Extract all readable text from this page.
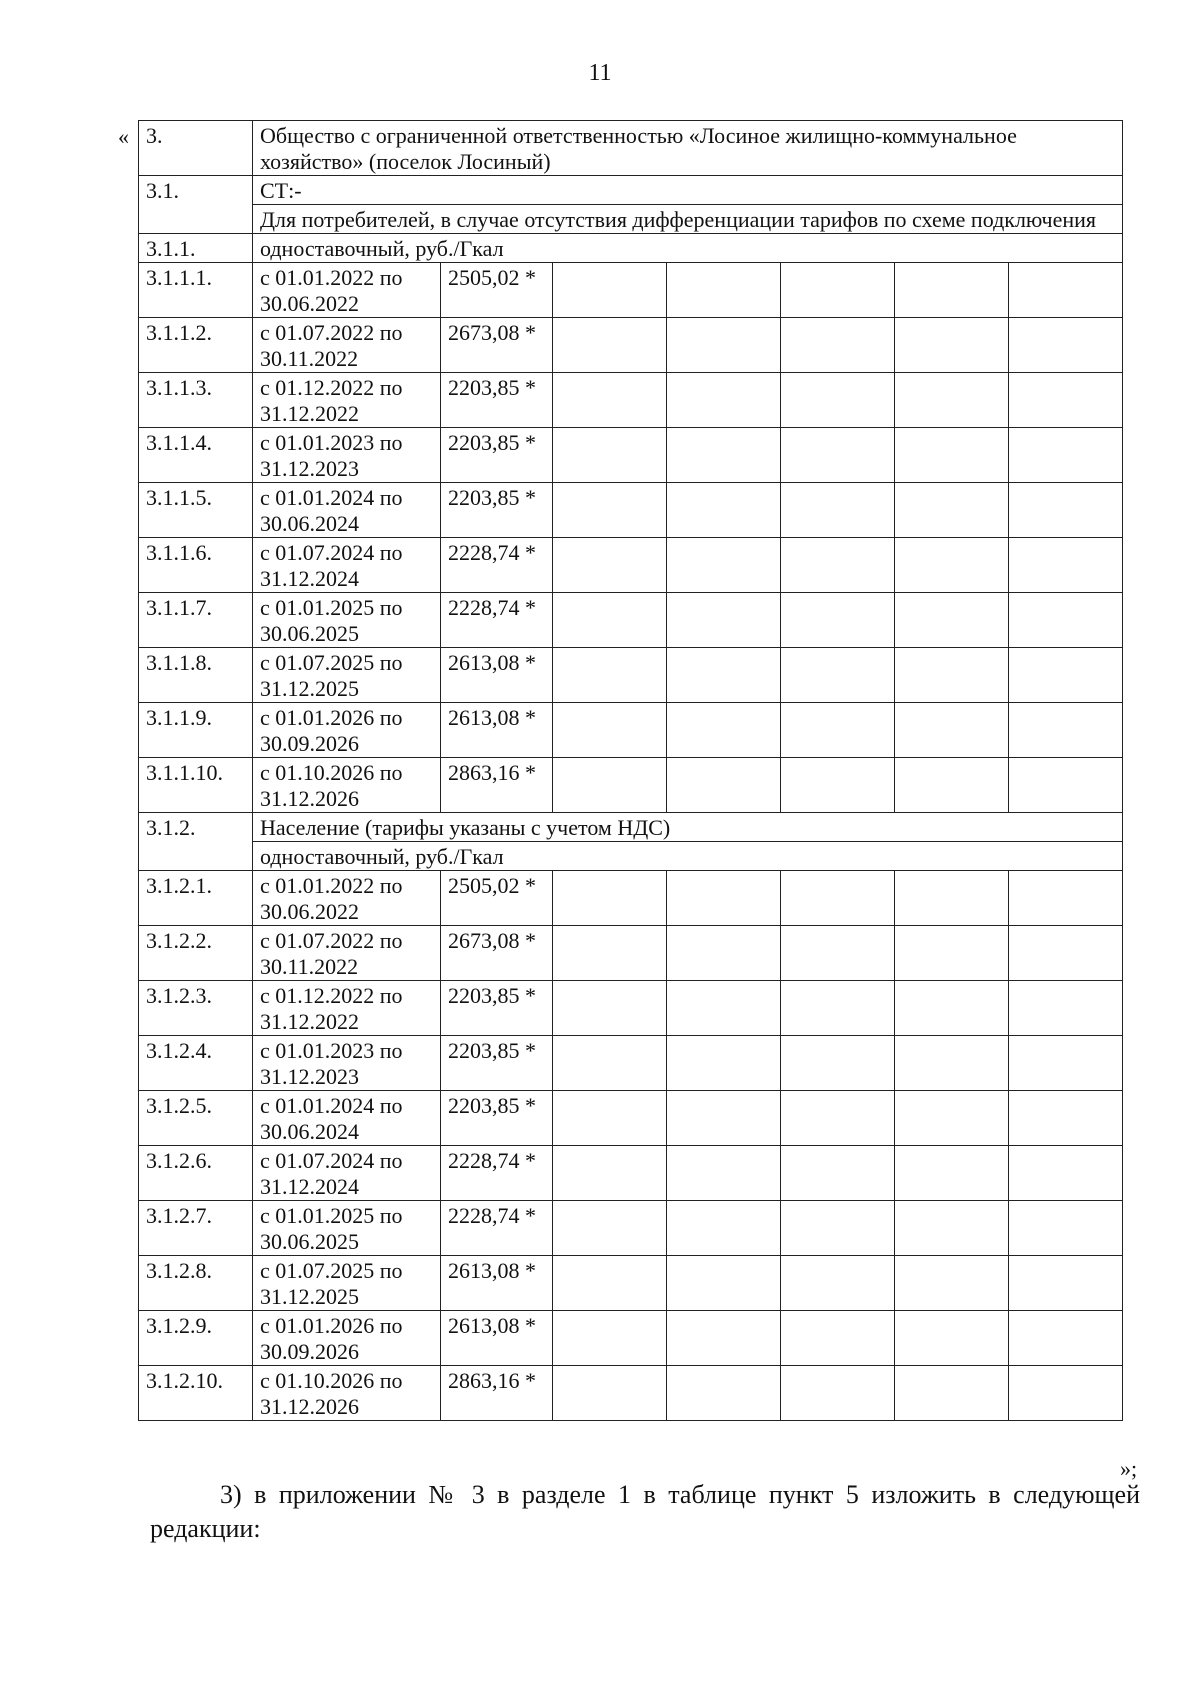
11
« 3.	Общество с ограниченной ответственностью «Лосиное жилищно-коммунальное хозяйство» (поселок Лосиный)						
3.1.	СТ:-						
	Для потребителей, в случае отсутствия дифференциации тарифов по схеме подключения						
3.1.1.	одноставочный, руб./Гкал						
3.1.1.1.	с 01.01.2022 по 30.06.2022	2505,02 *					
3.1.1.2.	с 01.07.2022 по 30.11.2022	2673,08 *					
3.1.1.3.	с 01.12.2022 по 31.12.2022	2203,85 *					
3.1.1.4.	с 01.01.2023 по 31.12.2023	2203,85 *					
3.1.1.5.	с 01.01.2024 по 30.06.2024	2203,85 *					
3.1.1.6.	с 01.07.2024 по 31.12.2024	2228,74 *					
3.1.1.7.	с 01.01.2025 по 30.06.2025	2228,74 *					
3.1.1.8.	с 01.07.2025 по 31.12.2025	2613,08 *					
3.1.1.9.	с 01.01.2026 по 30.09.2026	2613,08 *					
3.1.1.10.	с 01.10.2026 по 31.12.2026	2863,16 *					
3.1.2.	Население (тарифы указаны с учетом НДС)						
	одноставочный, руб./Гкал						
3.1.2.1.	с 01.01.2022 по 30.06.2022	2505,02 *					
3.1.2.2.	с 01.07.2022 по 30.11.2022	2673,08 *					
3.1.2.3.	с 01.12.2022 по 31.12.2022	2203,85 *					
3.1.2.4.	с 01.01.2023 по 31.12.2023	2203,85 *					
3.1.2.5.	с 01.01.2024 по 30.06.2024	2203,85 *					
3.1.2.6.	с 01.07.2024 по 31.12.2024	2228,74 *					
3.1.2.7.	с 01.01.2025 по 30.06.2025	2228,74 *					
3.1.2.8.	с 01.07.2025 по 31.12.2025	2613,08 *					
3.1.2.9.	с 01.01.2026 по 30.09.2026	2613,08 *					
3.1.2.10.	с 01.10.2026 по 31.12.2026	2863,16 *					
»;
3) в приложении № 3 в разделе 1 в таблице пункт 5 изложить в следующей
редакции:
